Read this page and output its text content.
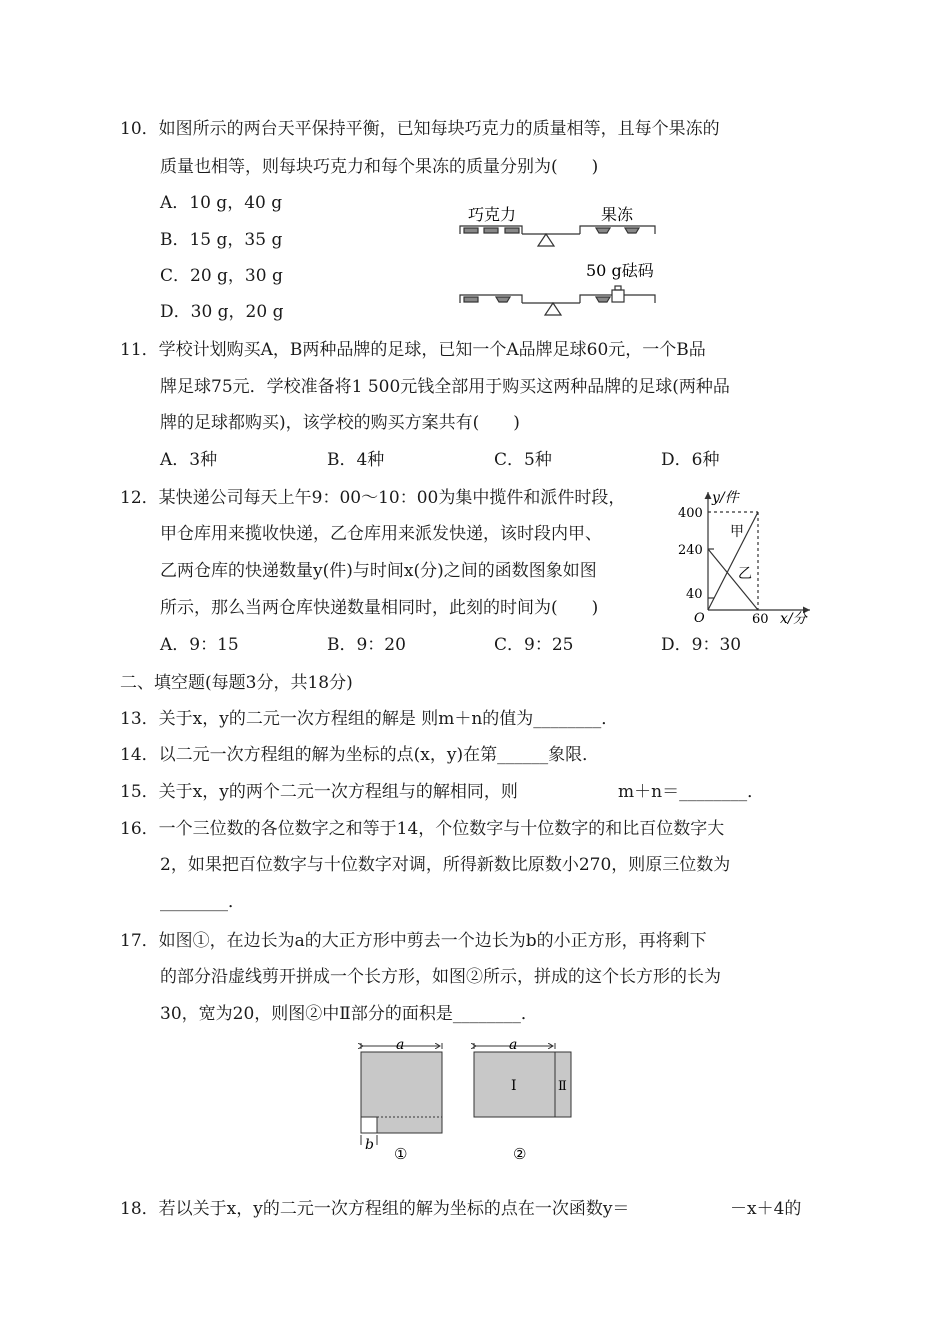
10．如图所示的两台天平保持平衡，已知每块巧克力的质量相等，且每个果冻的
质量也相等，则每块巧克力和每个果冻的质量分别为(　　)
A．10 g，40 g
B．15 g，35 g
C．20 g，30 g
D．30 g，20 g
巧克力	果冻
50 g砝码
11．学校计划购买A，B两种品牌的足球，已知一个A品牌足球60元，一个B品
牌足球75元．学校准备将1 500元钱全部用于购买这两种品牌的足球(两种品
牌的足球都购买)，该学校的购买方案共有(　　)
A．3种	B．4种	C．5种	D．6种
12．某快递公司每天上午9：00～10：00为集中揽件和派件时段，
甲仓库用来揽收快递，乙仓库用来派发快递，该时段内甲、
乙两仓库的快递数量y(件)与时间x(分)之间的函数图象如图
所示，那么当两仓库快递数量相同时，此刻的时间为(　　)
A．9：15	B．9：20	C．9：25	D．9：30
y/件
400
240
40
O	60 x/分
甲
乙
二、填空题(每题3分，共18分)
13．关于x，y的二元一次方程组的解是 则m＋n的值为________．
14．以二元一次方程组的解为坐标的点(x，y)在第______象限．
15．关于x，y的两个二元一次方程组与的解相同，则	m＋n＝________．
16．一个三位数的各位数字之和等于14，个位数字与十位数字的和比百位数字大
2，如果把百位数字与十位数字对调，所得新数比原数小270，则原三位数为
________．
17．如图①，在边长为a的大正方形中剪去一个边长为b的小正方形，再将剩下
的部分沿虚线剪开拼成一个长方形，如图②所示，拼成的这个长方形的长为
30，宽为20，则图②中Ⅱ部分的面积是________．
a
b ①
a
Ⅰ	Ⅱ
②
18．若以关于x，y的二元一次方程组的解为坐标的点在一次函数y＝	－x＋4的
